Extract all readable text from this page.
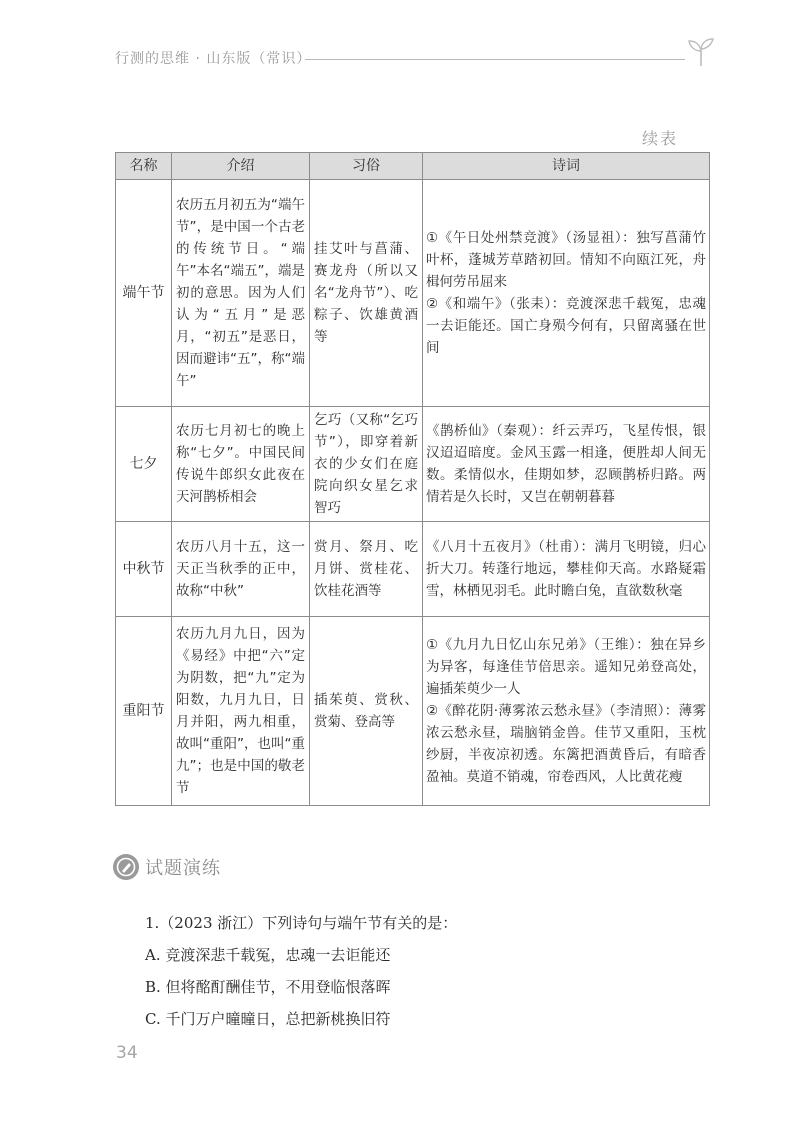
行测的思维 · 山东版（常识）
续表
名称	介绍	习俗	诗词
端午节	农历五月初五为“端午节”，是中国一个古老的传统节日。“端午”本名“端五”，端是初的意思。因为人们认为“五月”是恶月，“初五”是恶日，因而避讳“五”，称“端午”	挂艾叶与菖蒲、赛龙舟（所以又名“龙舟节”）、吃粽子、饮雄黄酒等	①《午日处州禁竞渡》（汤显祖）：独写菖蒲竹叶杯，蓬城芳草踏初回。情知不向瓯江死，舟楫何劳吊屈来
②《和端午》（张耒）：竞渡深悲千载冤，忠魂一去讵能还。国亡身殒今何有，只留离骚在世间

七夕	农历七月初七的晚上称“七夕”。中国民间传说牛郎织女此夜在天河鹊桥相会	乞巧（又称“乞巧节”），即穿着新衣的少女们在庭院向织女星乞求智巧	《鹊桥仙》（秦观）：纤云弄巧，飞星传恨，银汉迢迢暗度。金风玉露一相逢，便胜却人间无数。柔情似水，佳期如梦，忍顾鹊桥归路。两情若是久长时，又岂在朝朝暮暮

中秋节	农历八月十五，这一天正当秋季的正中，故称“中秋”	赏月、祭月、吃月饼、赏桂花、饮桂花酒等	《八月十五夜月》（杜甫）：满月飞明镜，归心折大刀。转蓬行地远，攀桂仰天高。水路疑霜雪，林栖见羽毛。此时瞻白兔，直欲数秋毫

重阳节	农历九月九日，因为《易经》中把“六”定为阴数，把“九”定为阳数，九月九日，日月并阳，两九相重，故叫“重阳”，也叫“重九”；也是中国的敬老节	插茱萸、赏秋、赏菊、登高等	①《九月九日忆山东兄弟》（王维）：独在异乡为异客，每逢佳节倍思亲。遥知兄弟登高处，遍插茱萸少一人
②《醉花阴·薄雾浓云愁永昼》（李清照）：薄雾浓云愁永昼，瑞脑销金兽。佳节又重阳，玉枕纱厨，半夜凉初透。东篱把酒黄昏后，有暗香盈袖。莫道不销魂，帘卷西风，人比黄花瘦
试题演练
1.（2023 浙江）下列诗句与端午节有关的是：
A. 竞渡深悲千载冤，忠魂一去讵能还
B. 但将酩酊酬佳节，不用登临恨落晖
C. 千门万户曈曈日，总把新桃换旧符
34
